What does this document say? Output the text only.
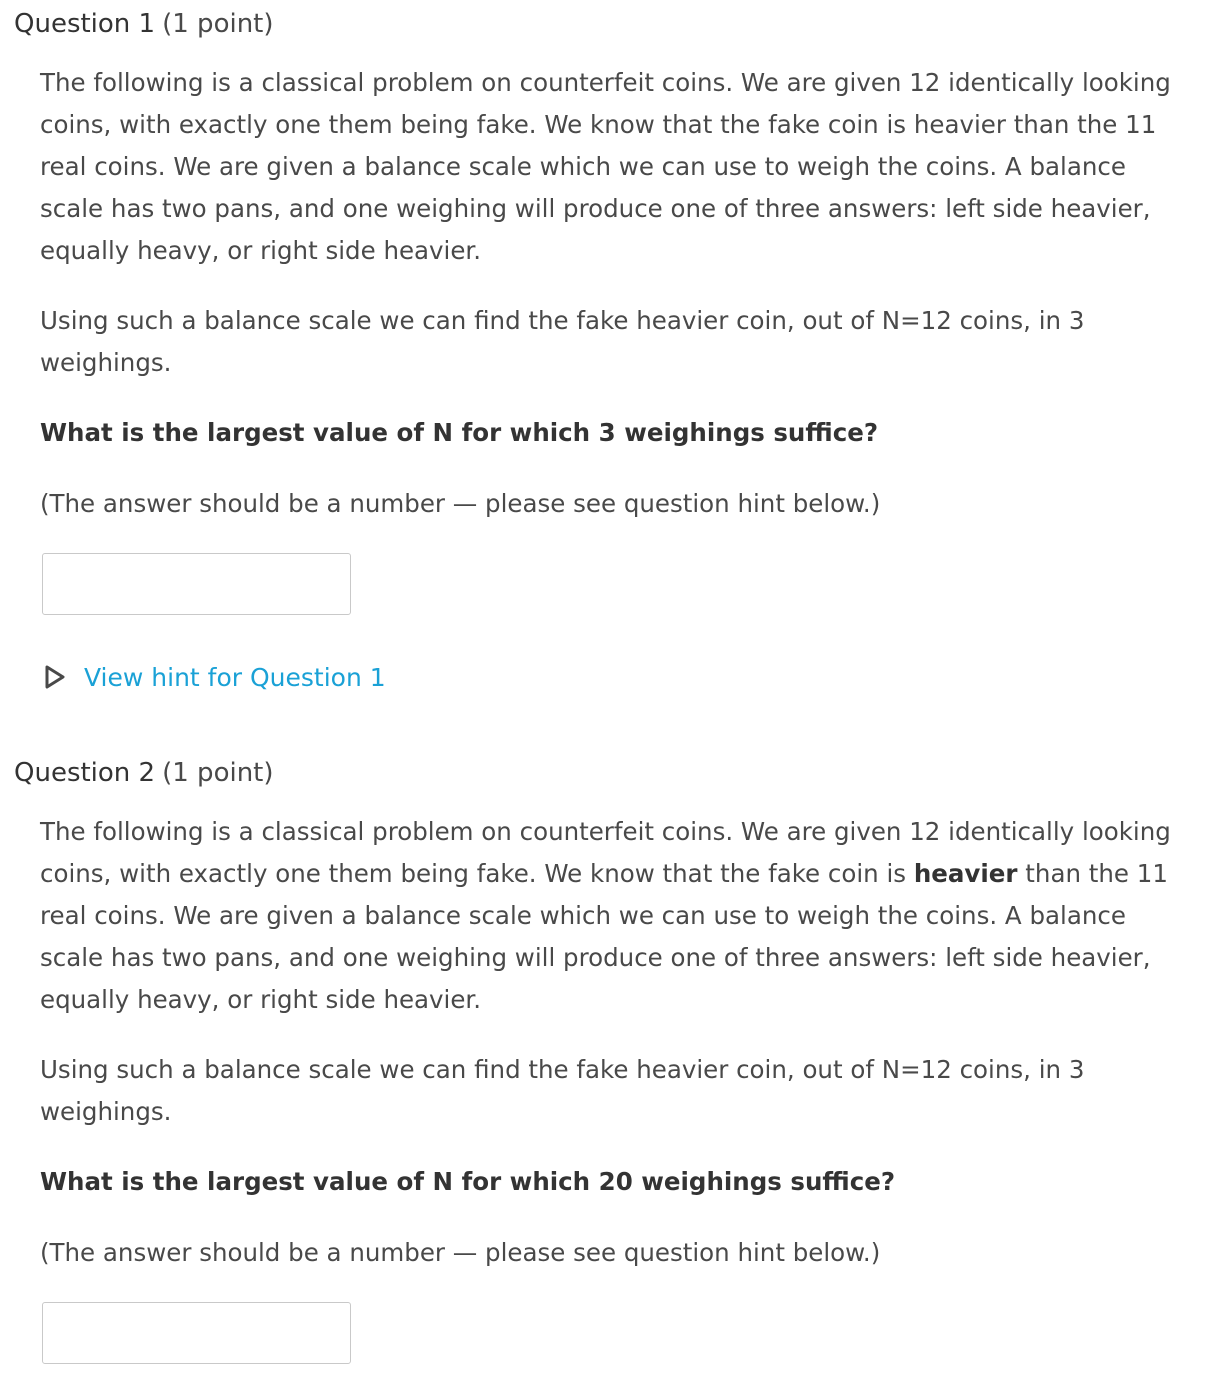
Question 1 (1 point)

The following is a classical problem on counterfeit coins. We are given 12 identically looking coins, with exactly one them being fake. We know that the fake coin is heavier than the 11 real coins. We are given a balance scale which we can use to weigh the coins. A balance scale has two pans, and one weighing will produce one of three answers: left side heavier, equally heavy, or right side heavier.

Using such a balance scale we can find the fake heavier coin, out of N=12 coins, in 3 weighings.

What is the largest value of N for which 3 weighings suffice?

(The answer should be a number — please see question hint below.)

View hint for Question 1
Question 2 (1 point)

The following is a classical problem on counterfeit coins. We are given 12 identically looking coins, with exactly one them being fake. We know that the fake coin is heavier than the 11 real coins. We are given a balance scale which we can use to weigh the coins. A balance scale has two pans, and one weighing will produce one of three answers: left side heavier, equally heavy, or right side heavier.

Using such a balance scale we can find the fake heavier coin, out of N=12 coins, in 3 weighings.

What is the largest value of N for which 20 weighings suffice?

(The answer should be a number — please see question hint below.)
